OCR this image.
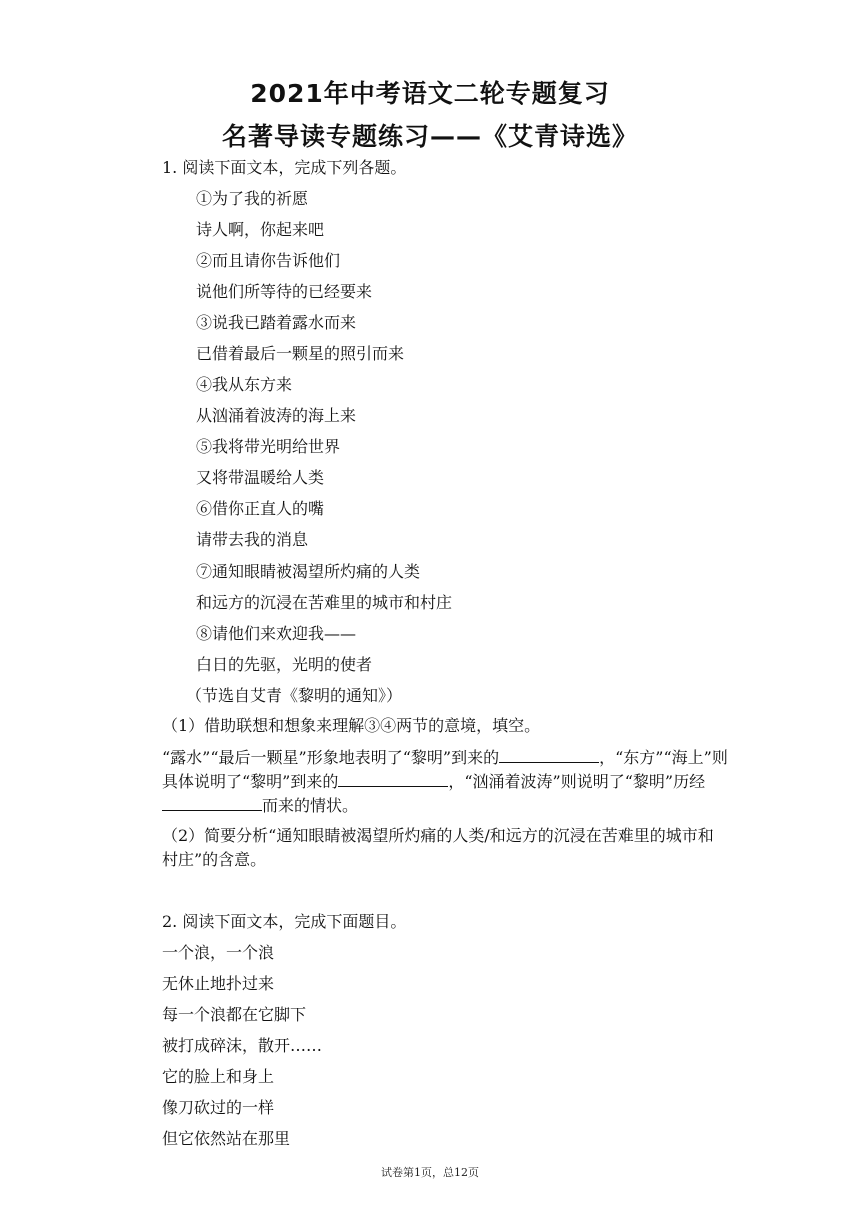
2021年中考语文二轮专题复习
名著导读专题练习——《艾青诗选》
1. 阅读下面文本，完成下列各题。
①为了我的祈愿
诗人啊，你起来吧
②而且请你告诉他们
说他们所等待的已经要来
③说我已踏着露水而来
已借着最后一颗星的照引而来
④我从东方来
从汹涌着波涛的海上来
⑤我将带光明给世界
又将带温暖给人类
⑥借你正直人的嘴
请带去我的消息
⑦通知眼睛被渴望所灼痛的人类
和远方的沉浸在苦难里的城市和村庄
⑧请他们来欢迎我——
白日的先驱，光明的使者
（节选自艾青《黎明的通知》）
（1）借助联想和想象来理解③④两节的意境，填空。
“露水”“最后一颗星”形象地表明了“黎明”到来的	，“东方”“海上”则具体说明了“黎明”到来的	，“汹涌着波涛”则说明了“黎明”历经而来的情状。
（2）简要分析“通知眼睛被渴望所灼痛的人类/和远方的沉浸在苦难里的城市和村庄”的含意。
2. 阅读下面文本，完成下面题目。
一个浪，一个浪
无休止地扑过来
每一个浪都在它脚下
被打成碎沫，散开……
它的脸上和身上
像刀砍过的一样
但它依然站在那里
试卷第1页，总12页
